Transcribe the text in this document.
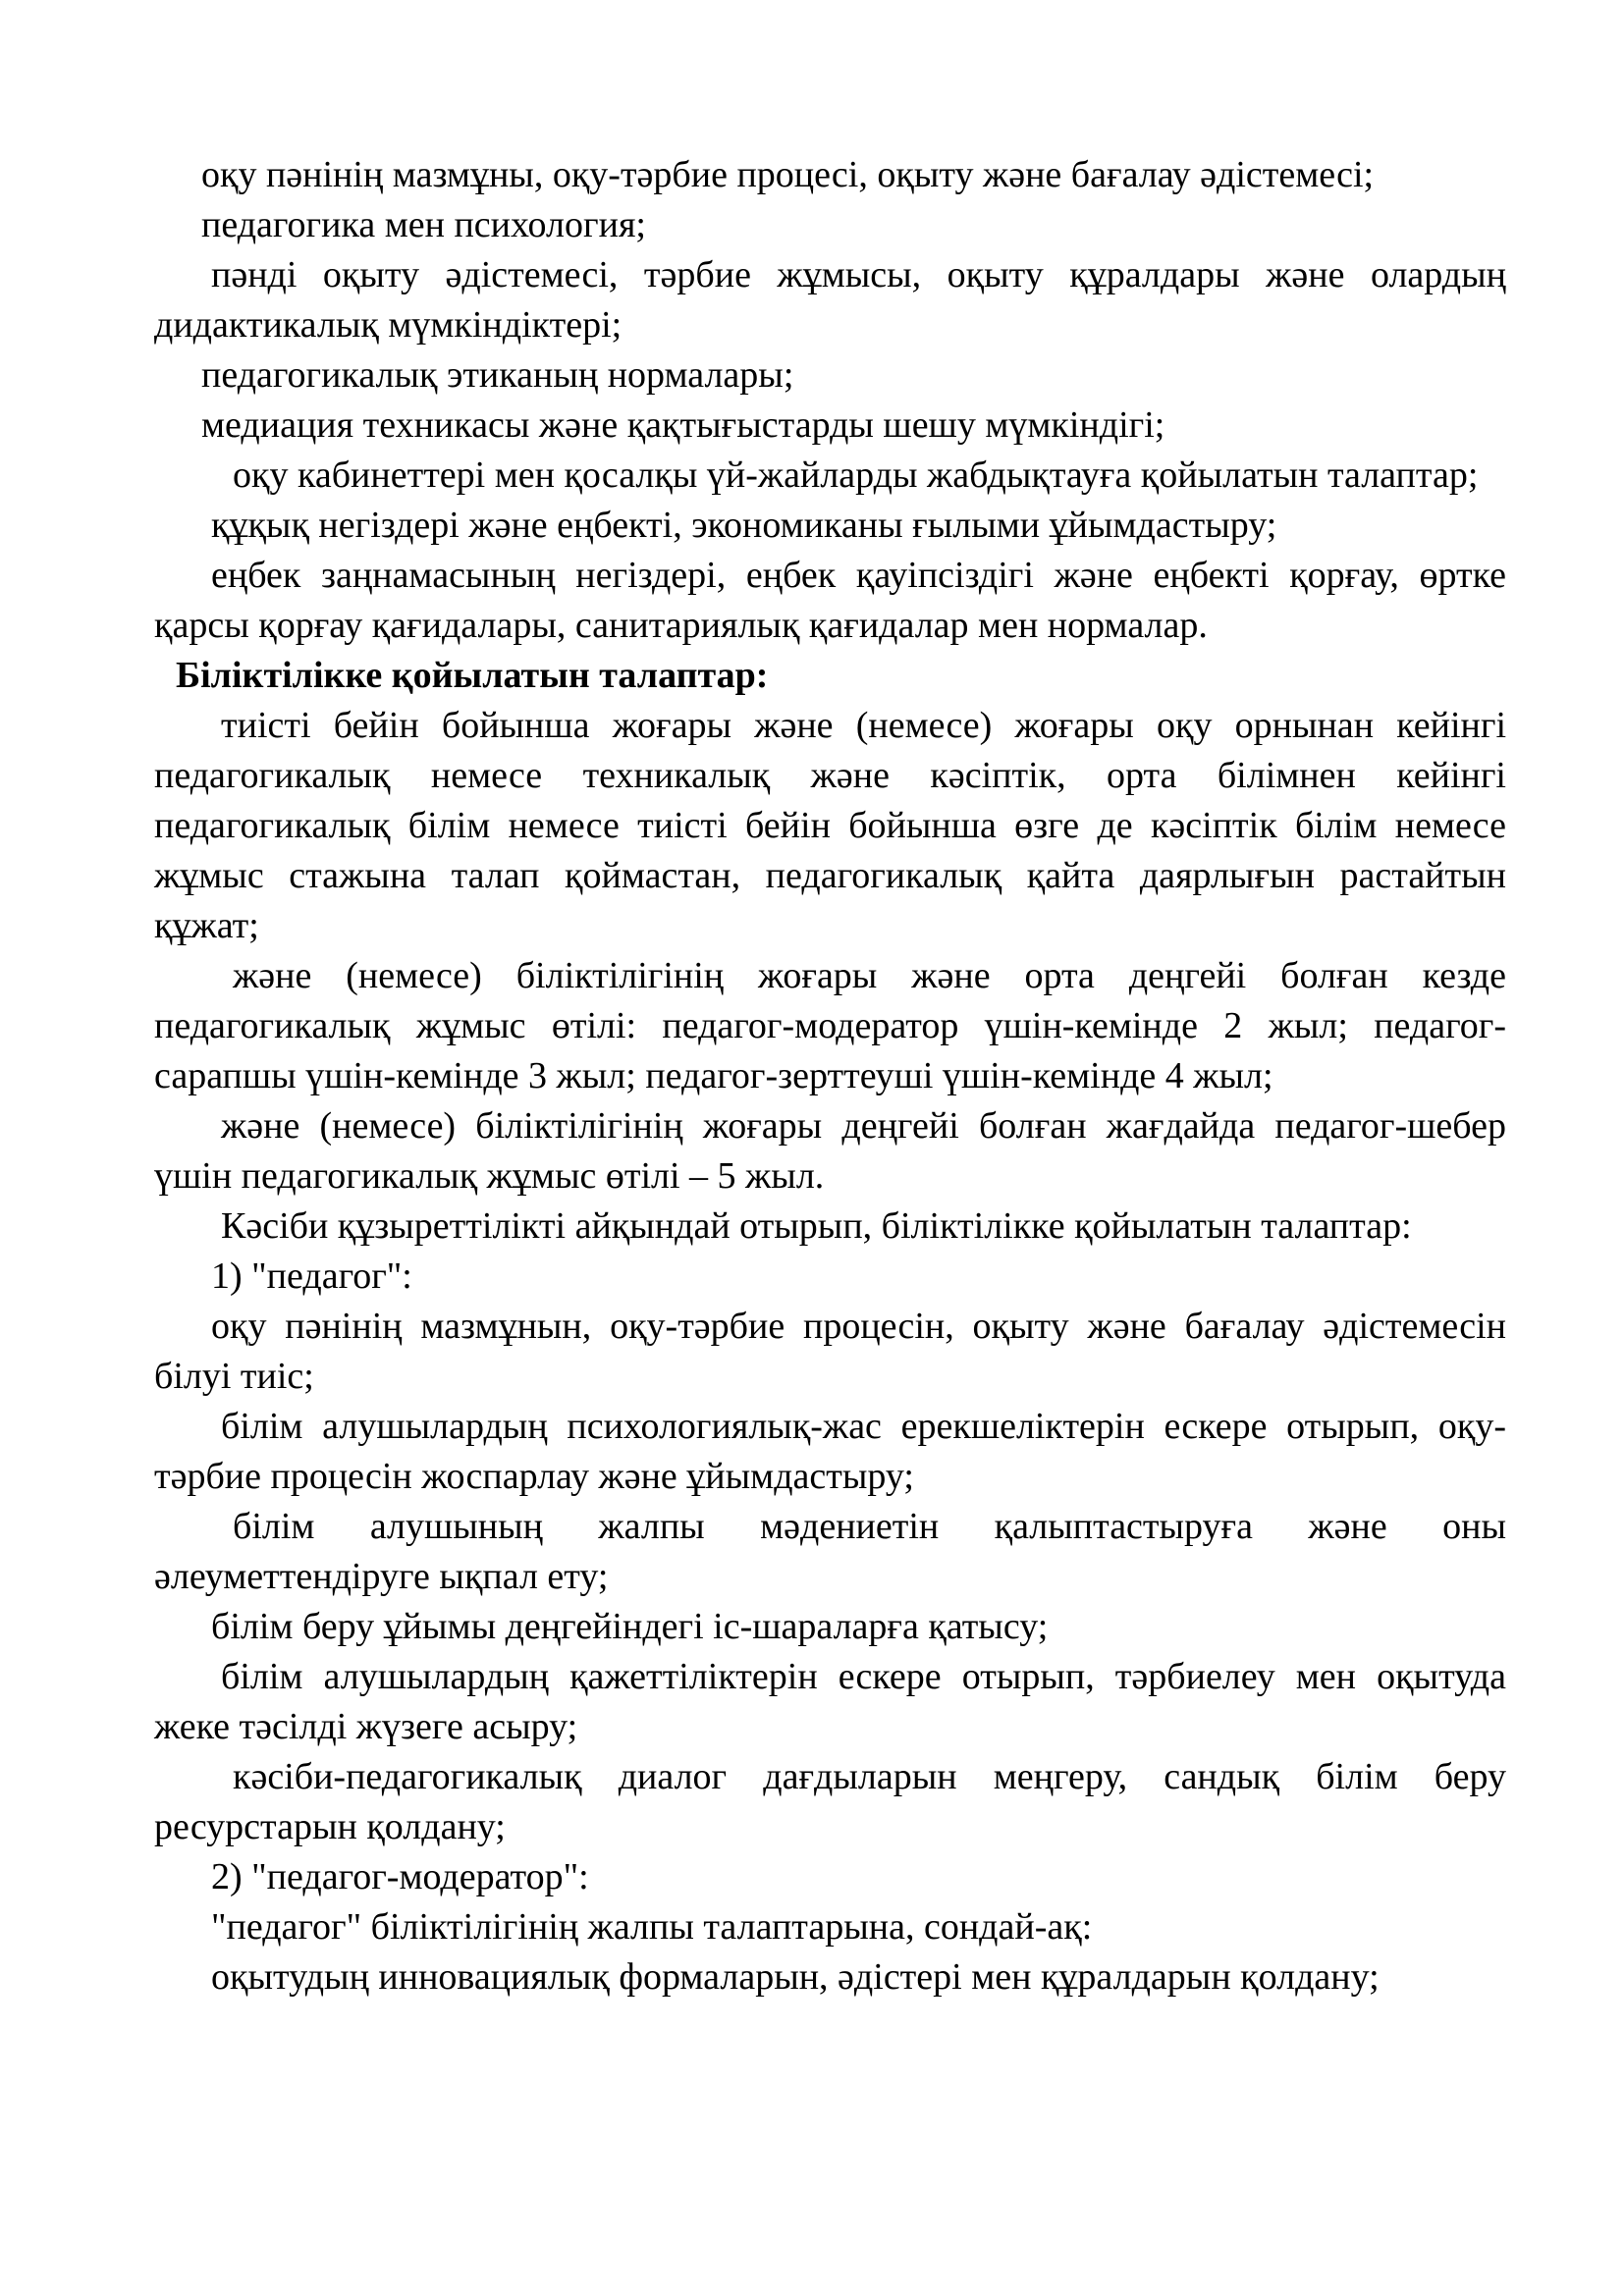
оқу пәнінің мазмұны, оқу-тәрбие процесі, оқыту және бағалау әдістемесі;

педагогика мен психология;

пәнді оқыту әдістемесі, тәрбие жұмысы, оқыту құралдары және олардың дидактикалық мүмкіндіктері;

педагогикалық этиканың нормалары;

медиация техникасы және қақтығыстарды шешу мүмкіндігі;

оқу кабинеттері мен қосалқы үй-жайларды жабдықтауға қойылатын талаптар;

құқық негіздері және еңбекті, экономиканы ғылыми ұйымдастыру;

еңбек заңнамасының негіздері, еңбек қауіпсіздігі және еңбекті қорғау, өртке қарсы қорғау қағидалары, санитариялық қағидалар мен нормалар.

Біліктілікке қойылатын талаптар:

тиісті бейін бойынша жоғары және (немесе) жоғары оқу орнынан кейінгі педагогикалық немесе техникалық және кәсіптік, орта білімнен кейінгі педагогикалық білім немесе тиісті бейін бойынша өзге де кәсіптік білім немесе жұмыс стажына талап қоймастан, педагогикалық қайта даярлығын растайтын құжат;

және (немесе) біліктілігінің жоғары және орта деңгейі болған кезде педагогикалық жұмыс өтілі: педагог-модератор үшін-кемінде 2 жыл; педагог-сарапшы үшін-кемінде 3 жыл; педагог-зерттеуші үшін-кемінде 4 жыл;

және (немесе) біліктілігінің жоғары деңгейі болған жағдайда педагог-шебер үшін педагогикалық жұмыс өтілі – 5 жыл.

Кәсіби құзыреттілікті айқындай отырып, біліктілікке қойылатын талаптар:

1) "педагог":

оқу пәнінің мазмұнын, оқу-тәрбие процесін, оқыту және бағалау әдістемесін білуі тиіс;

білім алушылардың психологиялық-жас ерекшеліктерін ескере отырып, оқу-тәрбие процесін жоспарлау және ұйымдастыру;

білім алушының жалпы мәдениетін қалыптастыруға және оны әлеуметтендіруге ықпал ету;

білім беру ұйымы деңгейіндегі іс-шараларға қатысу;

білім алушылардың қажеттіліктерін ескере отырып, тәрбиелеу мен оқытуда жеке тәсілді жүзеге асыру;

кәсіби-педагогикалық диалог дағдыларын меңгеру, сандық білім беру ресурстарын қолдану;

2) "педагог-модератор":

"педагог" біліктілігінің жалпы талаптарына, сондай-ақ:

оқытудың инновациялық формаларын, әдістері мен құралдарын қолдану;
